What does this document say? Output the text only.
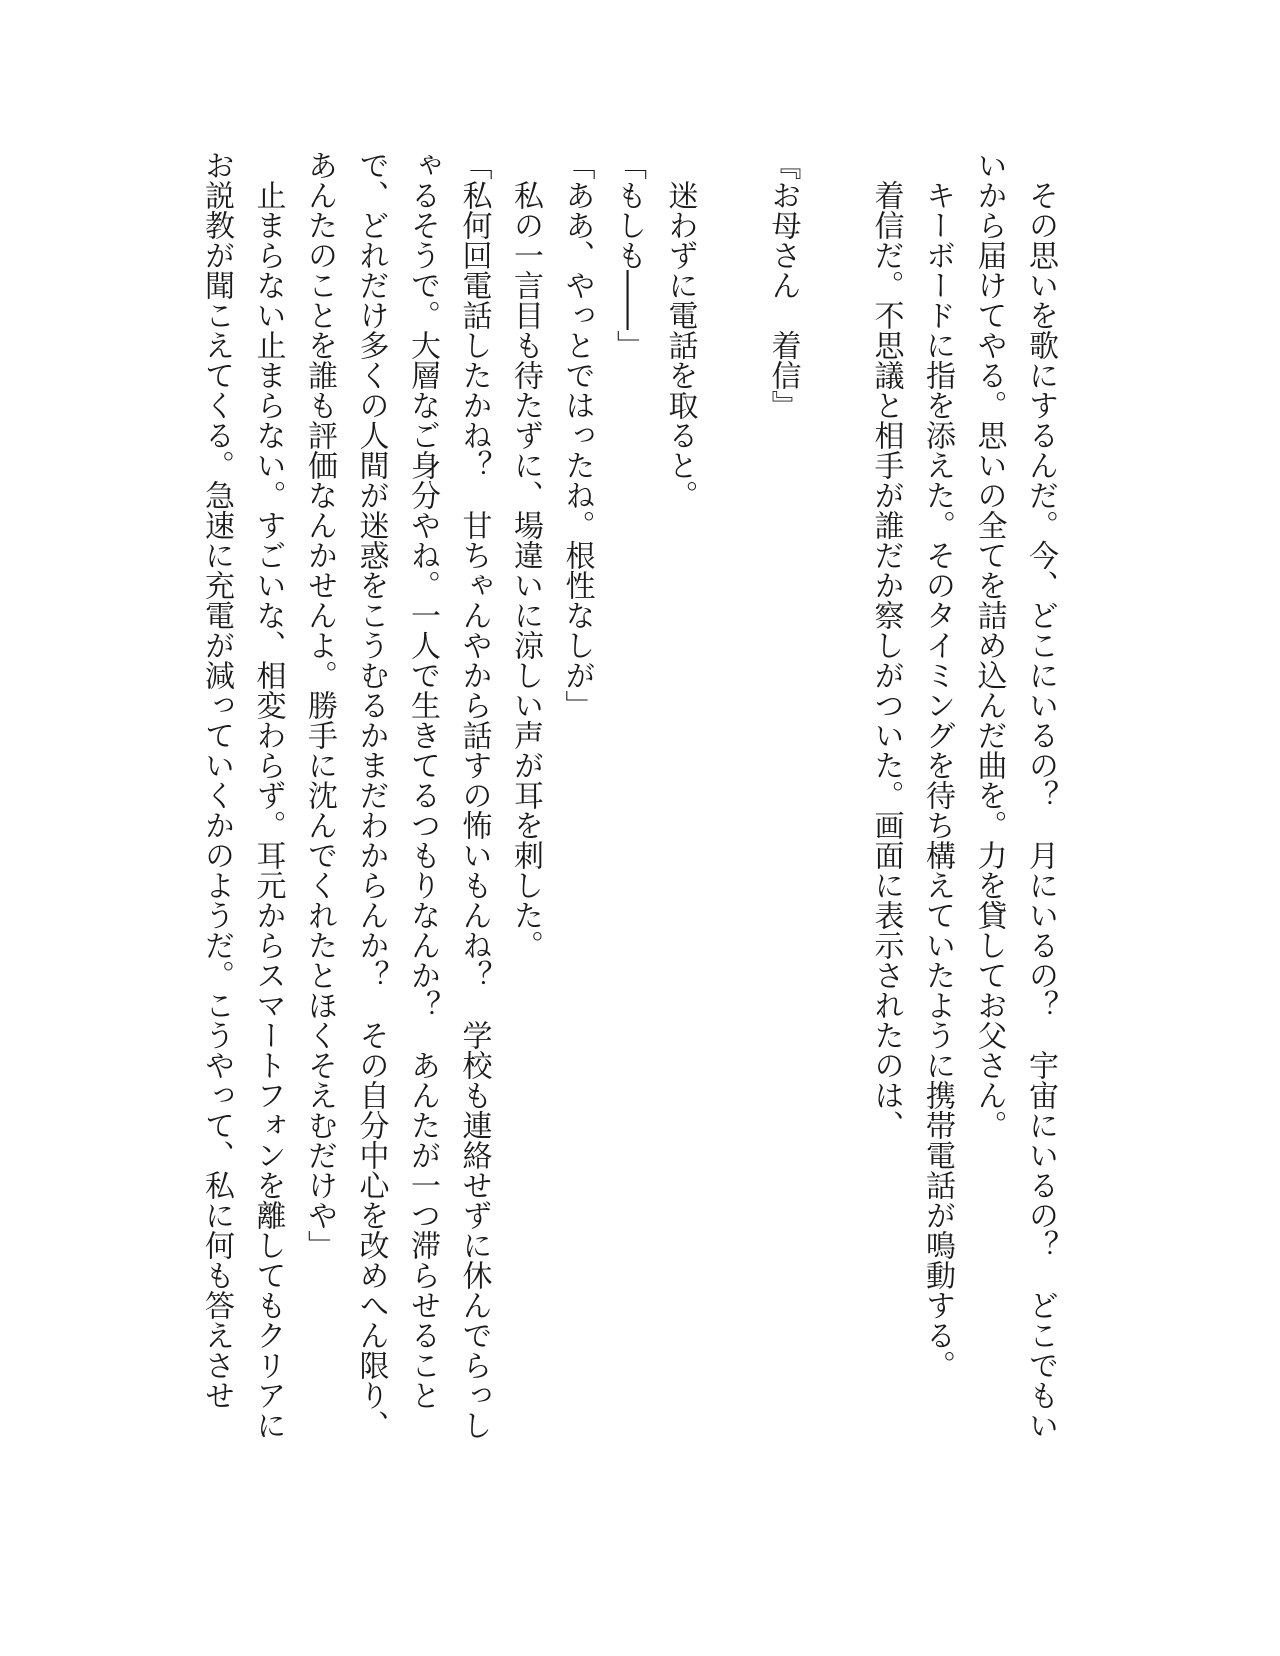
　その思いを歌にするんだ。今、どこにいるの？　月にいるの？　宇宙にいるの？　どこでもい
いから届けてやる。思いの全てを詰め込んだ曲を。力を貸してお父さん。
　キーボードに指を添えた。そのタイミングを待ち構えていたように携帯電話が鳴動する。
　着信だ。不思議と相手が誰だか察しがついた。画面に表示されたのは、
『お母さん　着信』
　迷わずに電話を取ると。
「もしも――」
「ああ、やっとではったね。根性なしが」
　私の一言目も待たずに、場違いに涼しい声が耳を刺した。
「私何回電話したかね？　甘ちゃんやから話すの怖いもんね？　学校も連絡せずに休んでらっし
ゃるそうで。大層なご身分やね。一人で生きてるつもりなんか？　あんたが一つ滞らせること
で、どれだけ多くの人間が迷惑をこうむるかまだわからんか？　その自分中心を改めへん限り、
あんたのことを誰も評価なんかせんよ。勝手に沈んでくれたとほくそえむだけや」
　止まらない止まらない。すごいな、相変わらず。耳元からスマートフォンを離してもクリアに
お説教が聞こえてくる。急速に充電が減っていくかのようだ。こうやって、私に何も答えさせ
